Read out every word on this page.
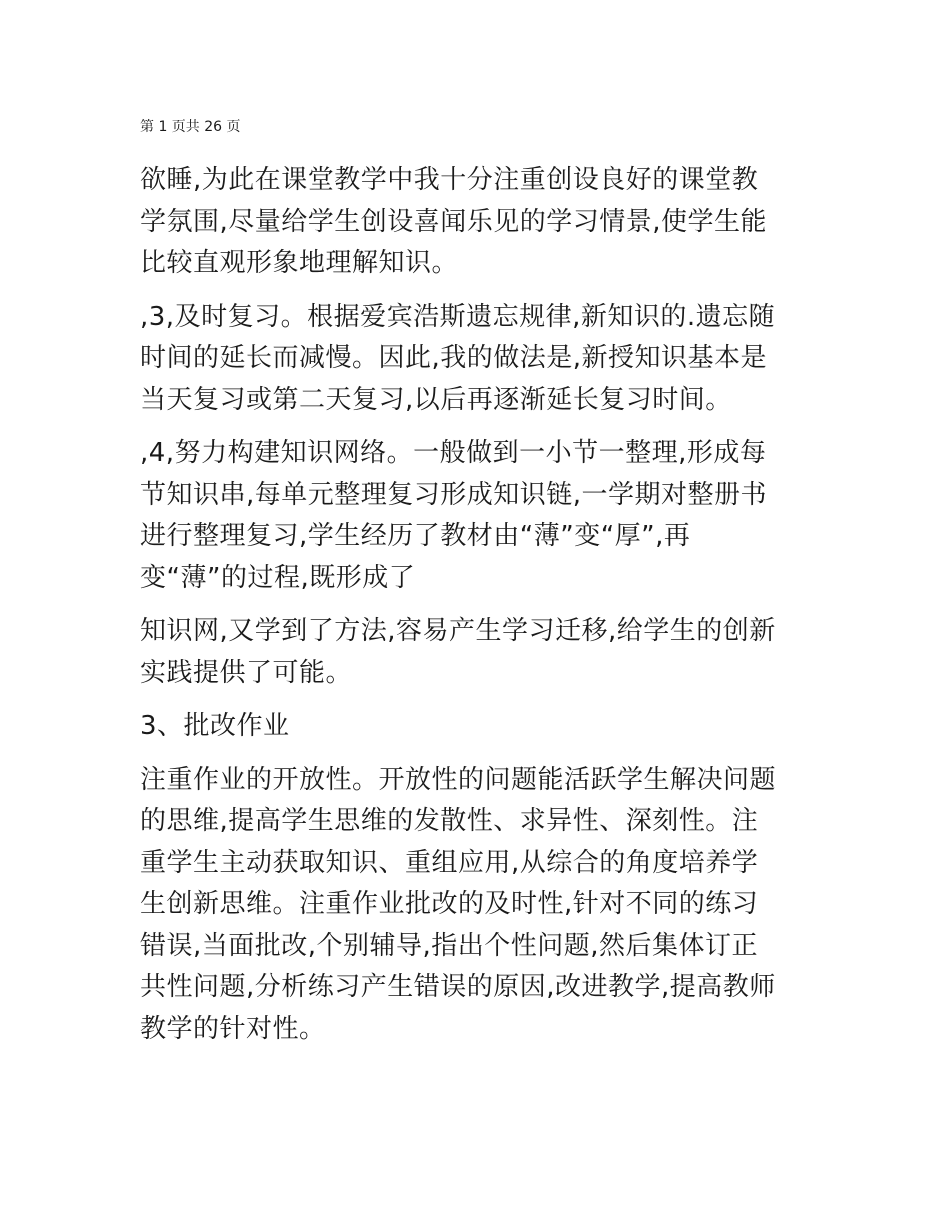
第 1 页共 26 页
欲睡,为此在课堂教学中我十分注重创设良好的课堂教
学氛围,尽量给学生创设喜闻乐见的学习情景,使学生能
比较直观形象地理解知识。
,3,及时复习。根据爱宾浩斯遗忘规律,新知识的.遗忘随
时间的延长而减慢。因此,我的做法是,新授知识基本是
当天复习或第二天复习,以后再逐渐延长复习时间。
,4,努力构建知识网络。一般做到一小节一整理,形成每
节知识串,每单元整理复习形成知识链,一学期对整册书
进行整理复习,学生经历了教材由“薄”变“厚”,再
变“薄”的过程,既形成了
知识网,又学到了方法,容易产生学习迁移,给学生的创新
实践提供了可能。
3、批改作业
注重作业的开放性。开放性的问题能活跃学生解决问题
的思维,提高学生思维的发散性、求异性、深刻性。注
重学生主动获取知识、重组应用,从综合的角度培养学
生创新思维。注重作业批改的及时性,针对不同的练习
错误,当面批改,个别辅导,指出个性问题,然后集体订正
共性问题,分析练习产生错误的原因,改进教学,提高教师
教学的针对性。
